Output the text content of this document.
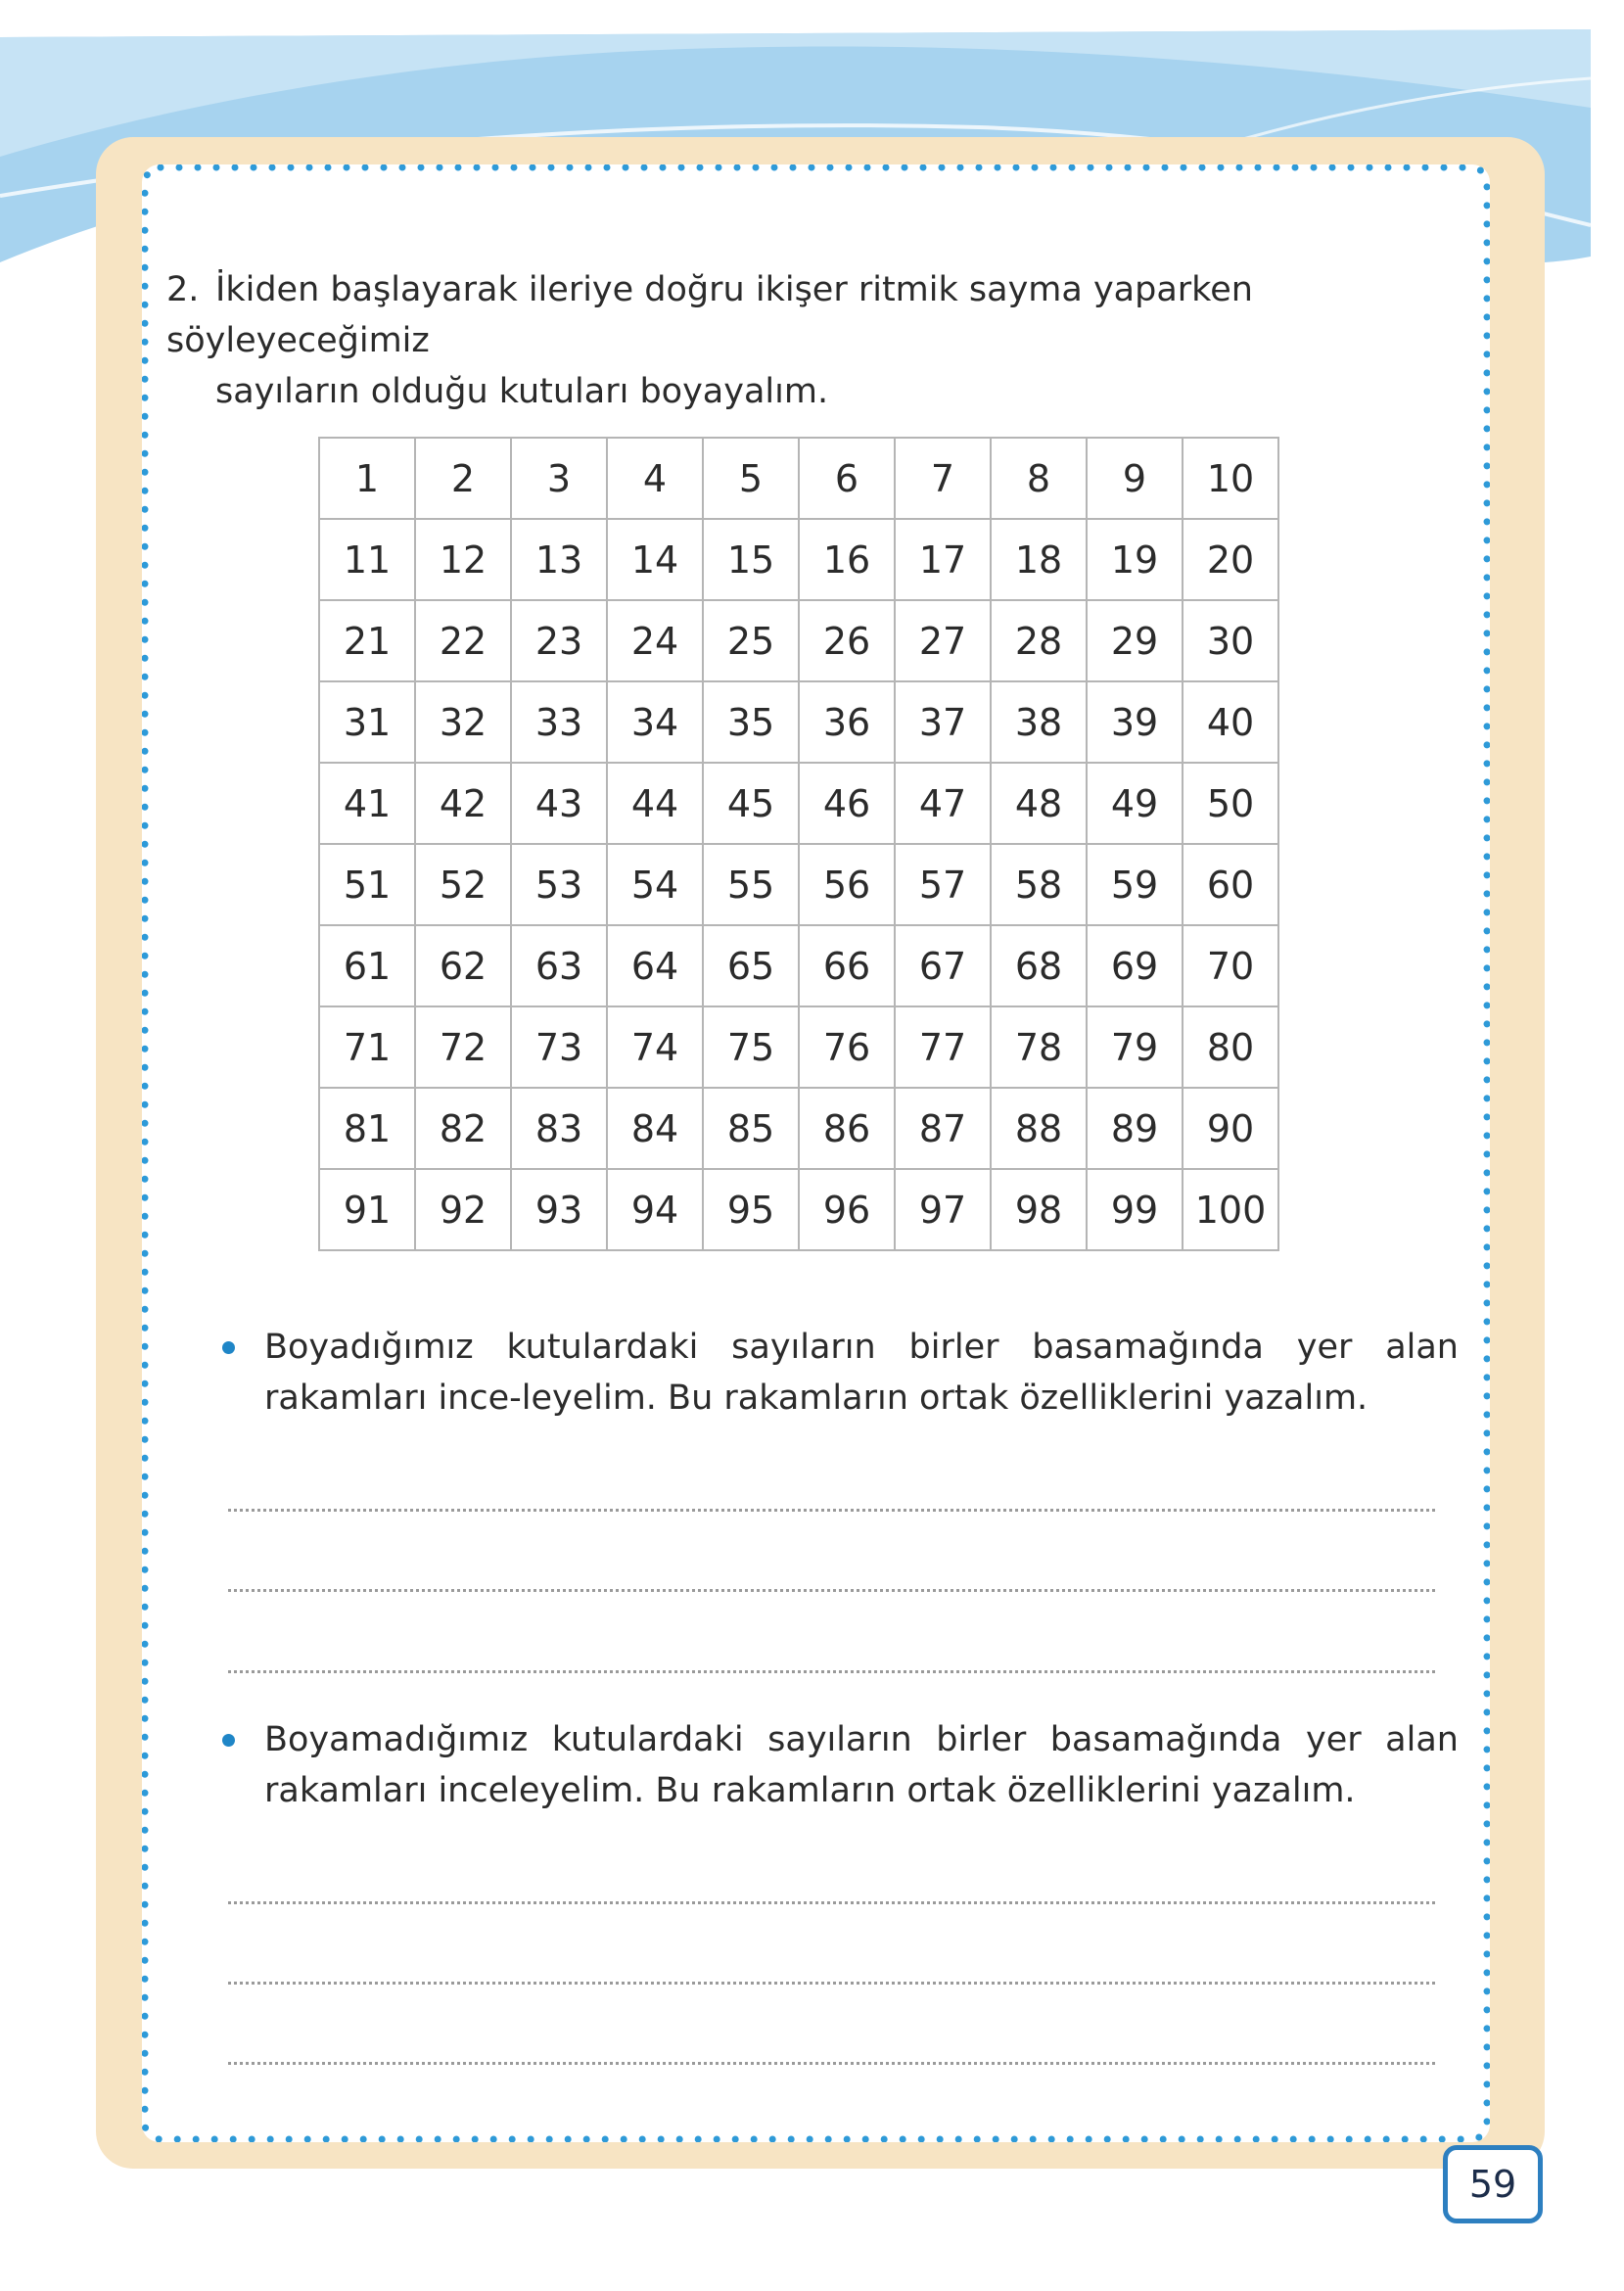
2. İkiden başlayarak ileriye doğru ikişer ritmik sayma yaparken söyleyeceğimiz
sayıların olduğu kutuları boyayalım.

1	2	3	4	5	6	7	8	9	10
11	12	13	14	15	16	17	18	19	20
21	22	23	24	25	26	27	28	29	30
31	32	33	34	35	36	37	38	39	40
41	42	43	44	45	46	47	48	49	50
51	52	53	54	55	56	57	58	59	60
61	62	63	64	65	66	67	68	69	70
71	72	73	74	75	76	77	78	79	80
81	82	83	84	85	86	87	88	89	90
91	92	93	94	95	96	97	98	99	100

Boyadığımız kutulardaki sayıların birler basamağında yer alan rakamları ince-leyelim. Bu rakamların ortak özelliklerini yazalım.

Boyamadığımız kutulardaki sayıların birler basamağında yer alan rakamları inceleyelim. Bu rakamların ortak özelliklerini yazalım.

59
